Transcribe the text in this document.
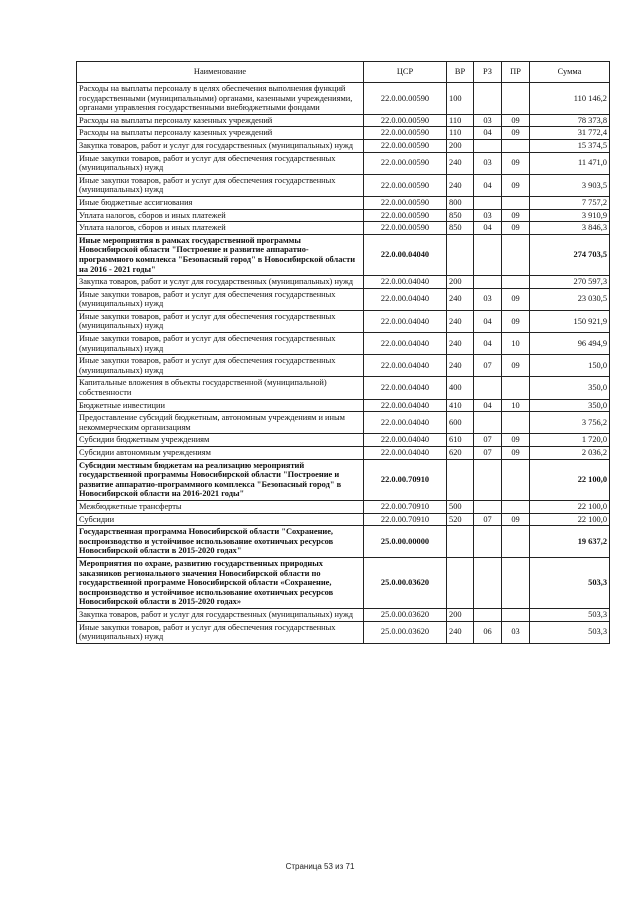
Наименование	ЦСР	ВР	РЗ	ПР	Сумма
Расходы на выплаты персоналу в целях обеспечения выполнения функций государственными (муниципальными) органами, казенными учреждениями, органами управления государственными внебюджетными фондами	22.0.00.00590	100			110 146,2
Расходы на выплаты персоналу казенных учреждений	22.0.00.00590	110	03	09	78 373,8
Расходы на выплаты персоналу казенных учреждений	22.0.00.00590	110	04	09	31 772,4
Закупка товаров, работ и услуг для государственных (муниципальных) нужд	22.0.00.00590	200			15 374,5
Иные закупки товаров, работ и услуг для обеспечения государственных (муниципальных) нужд	22.0.00.00590	240	03	09	11 471,0
Иные закупки товаров, работ и услуг для обеспечения государственных (муниципальных) нужд	22.0.00.00590	240	04	09	3 903,5
Иные бюджетные ассигнования	22.0.00.00590	800			7 757,2
Уплата налогов, сборов и иных платежей	22.0.00.00590	850	03	09	3 910,9
Уплата налогов, сборов и иных платежей	22.0.00.00590	850	04	09	3 846,3
Иные мероприятия в рамках государственной программы Новосибирской области "Построение и развитие аппаратно-программного комплекса "Безопасный город" в Новосибирской области на 2016 - 2021 годы"	22.0.00.04040				274 703,5
Закупка товаров, работ и услуг для государственных (муниципальных) нужд	22.0.00.04040	200			270 597,3
Иные закупки товаров, работ и услуг для обеспечения государственных (муниципальных) нужд	22.0.00.04040	240	03	09	23 030,5
Иные закупки товаров, работ и услуг для обеспечения государственных (муниципальных) нужд	22.0.00.04040	240	04	09	150 921,9
Иные закупки товаров, работ и услуг для обеспечения государственных (муниципальных) нужд	22.0.00.04040	240	04	10	96 494,9
Иные закупки товаров, работ и услуг для обеспечения государственных (муниципальных) нужд	22.0.00.04040	240	07	09	150,0
Капитальные вложения в объекты государственной (муниципальной) собственности	22.0.00.04040	400			350,0
Бюджетные инвестиции	22.0.00.04040	410	04	10	350,0
Предоставление субсидий бюджетным, автономным учреждениям и иным некоммерческим организациям	22.0.00.04040	600			3 756,2
Субсидии бюджетным учреждениям	22.0.00.04040	610	07	09	1 720,0
Субсидии автономным учреждениям	22.0.00.04040	620	07	09	2 036,2
Субсидии местным бюджетам на реализацию мероприятий государственной программы Новосибирской области "Построение и развитие аппаратно-программного комплекса "Безопасный город" в Новосибирской области на 2016-2021 годы"	22.0.00.70910				22 100,0
Межбюджетные трансферты	22.0.00.70910	500			22 100,0
Субсидии	22.0.00.70910	520	07	09	22 100,0
Государственная программа Новосибирской области "Сохранение, воспроизводство и устойчивое использование охотничьих ресурсов Новосибирской области в 2015-2020 годах"	25.0.00.00000				19 637,2
Мероприятия по охране, развитию государственных природных заказников регионального значения Новосибирской области по государственной программе Новосибирской области «Сохранение, воспроизводство и устойчивое использование охотничьих ресурсов Новосибирской области в 2015-2020 годах»	25.0.00.03620				503,3
Закупка товаров, работ и услуг для государственных (муниципальных) нужд	25.0.00.03620	200			503,3
Иные закупки товаров, работ и услуг для обеспечения государственных (муниципальных) нужд	25.0.00.03620	240	06	03	503,3
Страница 53 из 71
